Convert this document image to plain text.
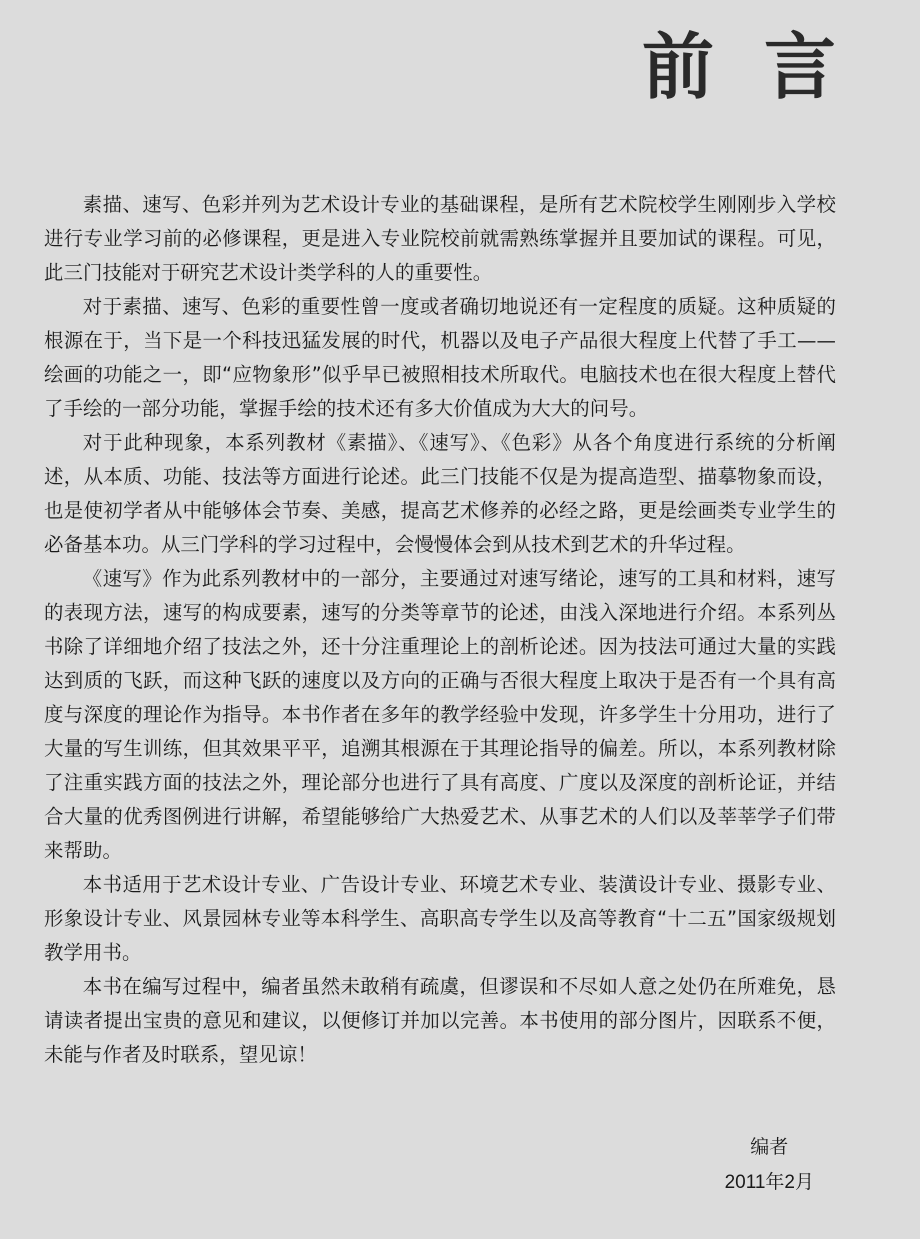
前言

素描、速写、色彩并列为艺术设计专业的基础课程，是所有艺术院校学生刚刚步入学校进行专业学习前的必修课程，更是进入专业院校前就需熟练掌握并且要加试的课程。可见，此三门技能对于研究艺术设计类学科的人的重要性。

对于素描、速写、色彩的重要性曾一度或者确切地说还有一定程度的质疑。这种质疑的根源在于，当下是一个科技迅猛发展的时代，机器以及电子产品很大程度上代替了手工——绘画的功能之一，即“应物象形”似乎早已被照相技术所取代。电脑技术也在很大程度上替代了手绘的一部分功能，掌握手绘的技术还有多大价值成为大大的问号。

对于此种现象，本系列教材《素描》、《速写》、《色彩》从各个角度进行系统的分析阐述，从本质、功能、技法等方面进行论述。此三门技能不仅是为提高造型、描摹物象而设，也是使初学者从中能够体会节奏、美感，提高艺术修养的必经之路，更是绘画类专业学生的必备基本功。从三门学科的学习过程中，会慢慢体会到从技术到艺术的升华过程。

《速写》作为此系列教材中的一部分，主要通过对速写绪论，速写的工具和材料，速写的表现方法，速写的构成要素，速写的分类等章节的论述，由浅入深地进行介绍。本系列丛书除了详细地介绍了技法之外，还十分注重理论上的剖析论述。因为技法可通过大量的实践达到质的飞跃，而这种飞跃的速度以及方向的正确与否很大程度上取决于是否有一个具有高度与深度的理论作为指导。本书作者在多年的教学经验中发现，许多学生十分用功，进行了大量的写生训练，但其效果平平，追溯其根源在于其理论指导的偏差。所以，本系列教材除了注重实践方面的技法之外，理论部分也进行了具有高度、广度以及深度的剖析论证，并结合大量的优秀图例进行讲解，希望能够给广大热爱艺术、从事艺术的人们以及莘莘学子们带来帮助。

本书适用于艺术设计专业、广告设计专业、环境艺术专业、装潢设计专业、摄影专业、形象设计专业、风景园林专业等本科学生、高职高专学生以及高等教育“十二五”国家级规划教学用书。

本书在编写过程中，编者虽然未敢稍有疏虞，但谬误和不尽如人意之处仍在所难免，恳请读者提出宝贵的意见和建议，以便修订并加以完善。本书使用的部分图片，因联系不便，未能与作者及时联系，望见谅！

编者
2011年2月
